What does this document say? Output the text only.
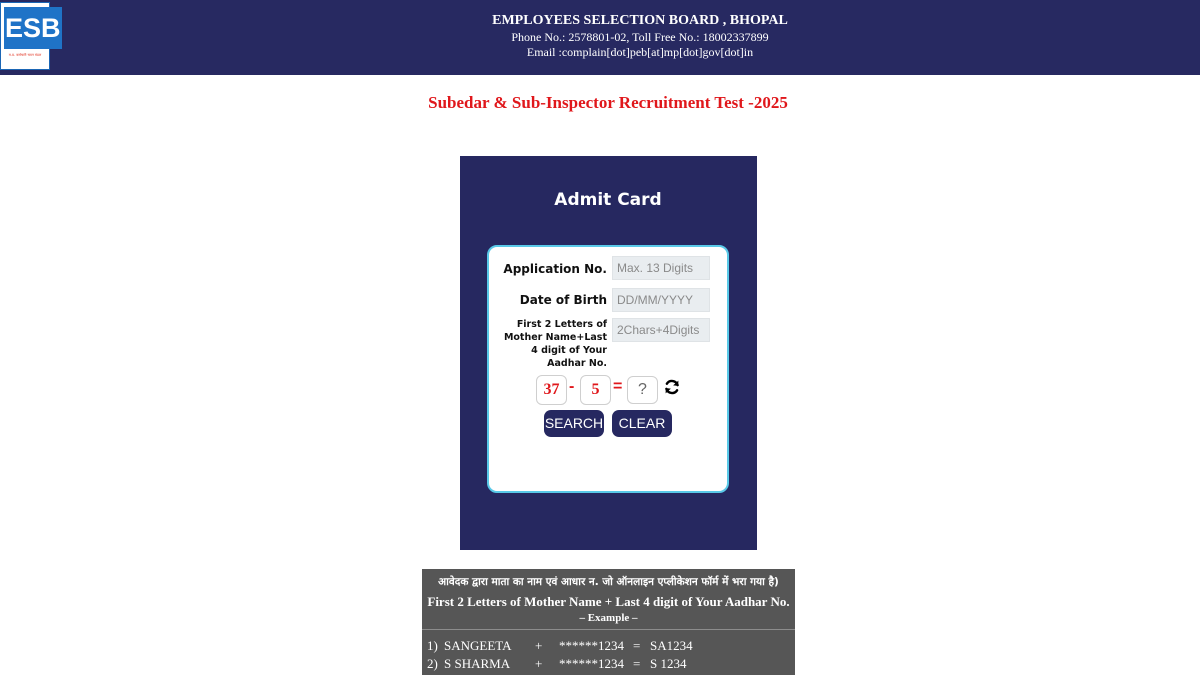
ESB
म.प्र. कर्मचारी चयन मंडल
EMPLOYEES SELECTION BOARD , BHOPAL
Phone No.: 2578801-02, Toll Free No.: 18002337899
Email :complain[dot]peb[at]mp[dot]gov[dot]in
Subedar & Sub-Inspector Recruitment Test -2025
Admit Card
Application No.
Max. 13 Digits
Date of Birth
DD/MM/YYYY
First 2 Letters of Mother Name+Last 4 digit of Your Aadhar No.
2Chars+4Digits
37 -	5 =
?
SEARCH	CLEAR
आवेदक द्वारा माता का नाम एवं आधार न. जो ऑनलाइन एप्लीकेशन फॉर्म में भरा गया है)
First 2 Letters of Mother Name + Last 4 digit of Your Aadhar No.
– Example –
1) SANGEETA + ******1234 = SA1234
2) S SHARMA + ******1234 = S 1234
